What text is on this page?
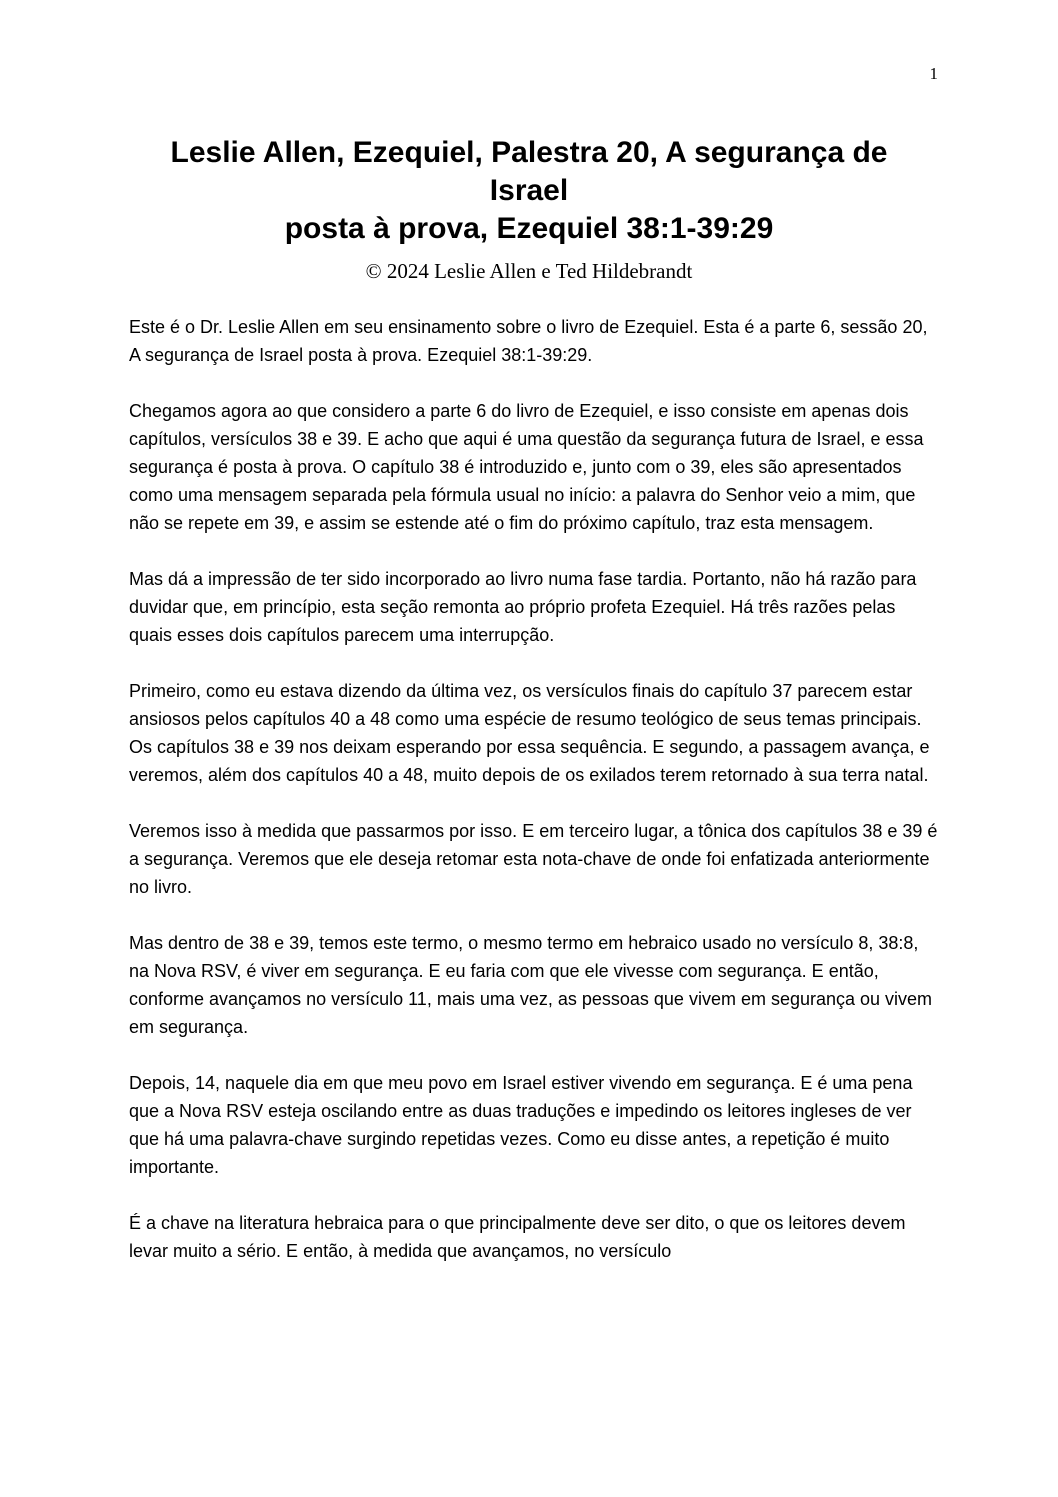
1
Leslie Allen, Ezequiel, Palestra 20, A segurança de
Israel
posta à prova, Ezequiel 38:1-39:29
© 2024 Leslie Allen e Ted Hildebrandt

Este é o Dr. Leslie Allen em seu ensinamento sobre o livro de Ezequiel. Esta é a parte 6, sessão 20, A segurança de Israel posta à prova. Ezequiel 38:1-39:29.

Chegamos agora ao que considero a parte 6 do livro de Ezequiel, e isso consiste em apenas dois capítulos, versículos 38 e 39. E acho que aqui é uma questão da segurança futura de Israel, e essa segurança é posta à prova. O capítulo 38 é introduzido e, junto com o 39, eles são apresentados como uma mensagem separada pela fórmula usual no início: a palavra do Senhor veio a mim, que não se repete em 39, e assim se estende até o fim do próximo capítulo, traz esta mensagem.

Mas dá a impressão de ter sido incorporado ao livro numa fase tardia. Portanto, não há razão para duvidar que, em princípio, esta seção remonta ao próprio profeta Ezequiel. Há três razões pelas quais esses dois capítulos parecem uma interrupção.

Primeiro, como eu estava dizendo da última vez, os versículos finais do capítulo 37 parecem estar ansiosos pelos capítulos 40 a 48 como uma espécie de resumo teológico de seus temas principais. Os capítulos 38 e 39 nos deixam esperando por essa sequência. E segundo, a passagem avança, e veremos, além dos capítulos 40 a 48, muito depois de os exilados terem retornado à sua terra natal.

Veremos isso à medida que passarmos por isso. E em terceiro lugar, a tônica dos capítulos 38 e 39 é a segurança. Veremos que ele deseja retomar esta nota-chave de onde foi enfatizada anteriormente no livro.

Mas dentro de 38 e 39, temos este termo, o mesmo termo em hebraico usado no versículo 8, 38:8, na Nova RSV, é viver em segurança. E eu faria com que ele vivesse com segurança. E então, conforme avançamos no versículo 11, mais uma vez, as pessoas que vivem em segurança ou vivem em segurança.

Depois, 14, naquele dia em que meu povo em Israel estiver vivendo em segurança. E é uma pena que a Nova RSV esteja oscilando entre as duas traduções e impedindo os leitores ingleses de ver que há uma palavra-chave surgindo repetidas vezes. Como eu disse antes, a repetição é muito importante.

É a chave na literatura hebraica para o que principalmente deve ser dito, o que os leitores devem levar muito a sério. E então, à medida que avançamos, no versículo
